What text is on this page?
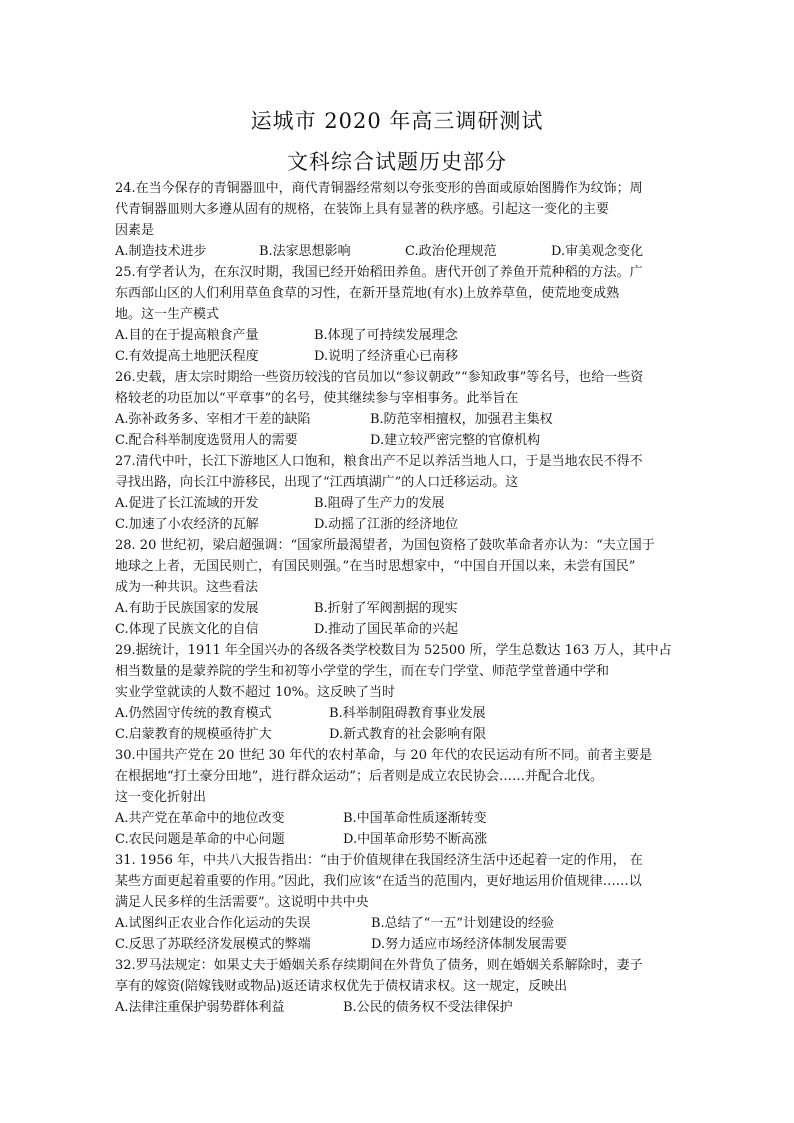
运城市 2020 年高三调研测试
文科综合试题历史部分
24.在当今保存的青铜器皿中，商代青铜器经常刻以夸张变形的兽面或原始图腾作为纹饰；周
代青铜器皿则大多遵从固有的规格，在装饰上具有显著的秩序感。引起这一变化的主要
因素是
A.制造技术进步	B.法家思想影响	C.政治伦理规范	D.审美观念变化
25.有学者认为，在东汉时期，我国已经开始稻田养鱼。唐代开创了养鱼开荒种稻的方法。广
东西部山区的人们利用草鱼食草的习性，在新开垦荒地(有水)上放养草鱼，使荒地变成熟
地。这一生产模式
A.目的在于提高粮食产量	B.体现了可持续发展理念
C.有效提高土地肥沃程度	D.说明了经济重心已南移
26.史载，唐太宗时期给一些资历较浅的官员加以“参议朝政”“参知政事”等名号，也给一些资
格较老的功臣加以“平章事”的名号，使其继续参与宰相事务。此举旨在
A.弥补政务多、宰相才干差的缺陷	B.防范宰相擅权，加强君主集权
C.配合科举制度选贤用人的需要	D.建立较严密完整的官僚机构
27.清代中叶，长江下游地区人口饱和，粮食出产不足以养活当地人口，于是当地农民不得不
寻找出路，向长江中游移民，出现了“江西填湖广”的人口迁移运动。这
A.促进了长江流域的开发	B.阻碍了生产力的发展
C.加速了小农经济的瓦解	D.动摇了江浙的经济地位
28. 20 世纪初，梁启超强调：“国家所最渴望者，为国包资格了鼓吹革命者亦认为：“夫立国于
地球之上者，无国民则亡，有国民则强。”在当时思想家中，“中国自开国以来，未尝有国民”
成为一种共识。这些看法
A.有助于民族国家的发展	B.折射了军阀割据的现实
C.体现了民族文化的自信	D.推动了国民革命的兴起
29.据统计，1911 年全国兴办的各级各类学校数目为 52500 所，学生总数达 163 万人，其中占
相当数量的是蒙养院的学生和初等小学堂的学生，而在专门学堂、师范学堂普通中学和
实业学堂就读的人数不超过 10%。这反映了当时
A.仍然固守传统的教育模式	B.科举制阻碍教育事业发展
C.启蒙教育的规模亟待扩大	D.新式教育的社会影响有限
30.中国共产党在 20 世纪 30 年代的农村革命，与 20 年代的农民运动有所不同。前者主要是
在根据地“打土豪分田地”，进行群众运动”；后者则是成立农民协会……并配合北伐。
这一变化折射出
A.共产党在革命中的地位改变	B.中国革命性质逐渐转变
C.农民问题是革命的中心问题	D.中国革命形势不断高涨
31. 1956 年，中共八大报告指出：“由于价值规律在我国经济生活中还起着一定的作用， 在
某些方面更起着重要的作用。”因此，我们应该“在适当的范围内，更好地运用价值规律……以
满足人民多样的生活需要”。这说明中共中央
A.试图纠正农业合作化运动的失误	B.总结了“一五”计划建设的经验
C.反思了苏联经济发展模式的弊端	D.努力适应市场经济体制发展需要
32.罗马法规定：如果丈夫于婚姻关系存续期间在外背负了债务，则在婚姻关系解除时，妻子
享有的嫁资(陪嫁钱财或物品)返还请求权优先于债权请求权。这一规定，反映出
A.法律注重保护弱势群体利益	B.公民的债务权不受法律保护
